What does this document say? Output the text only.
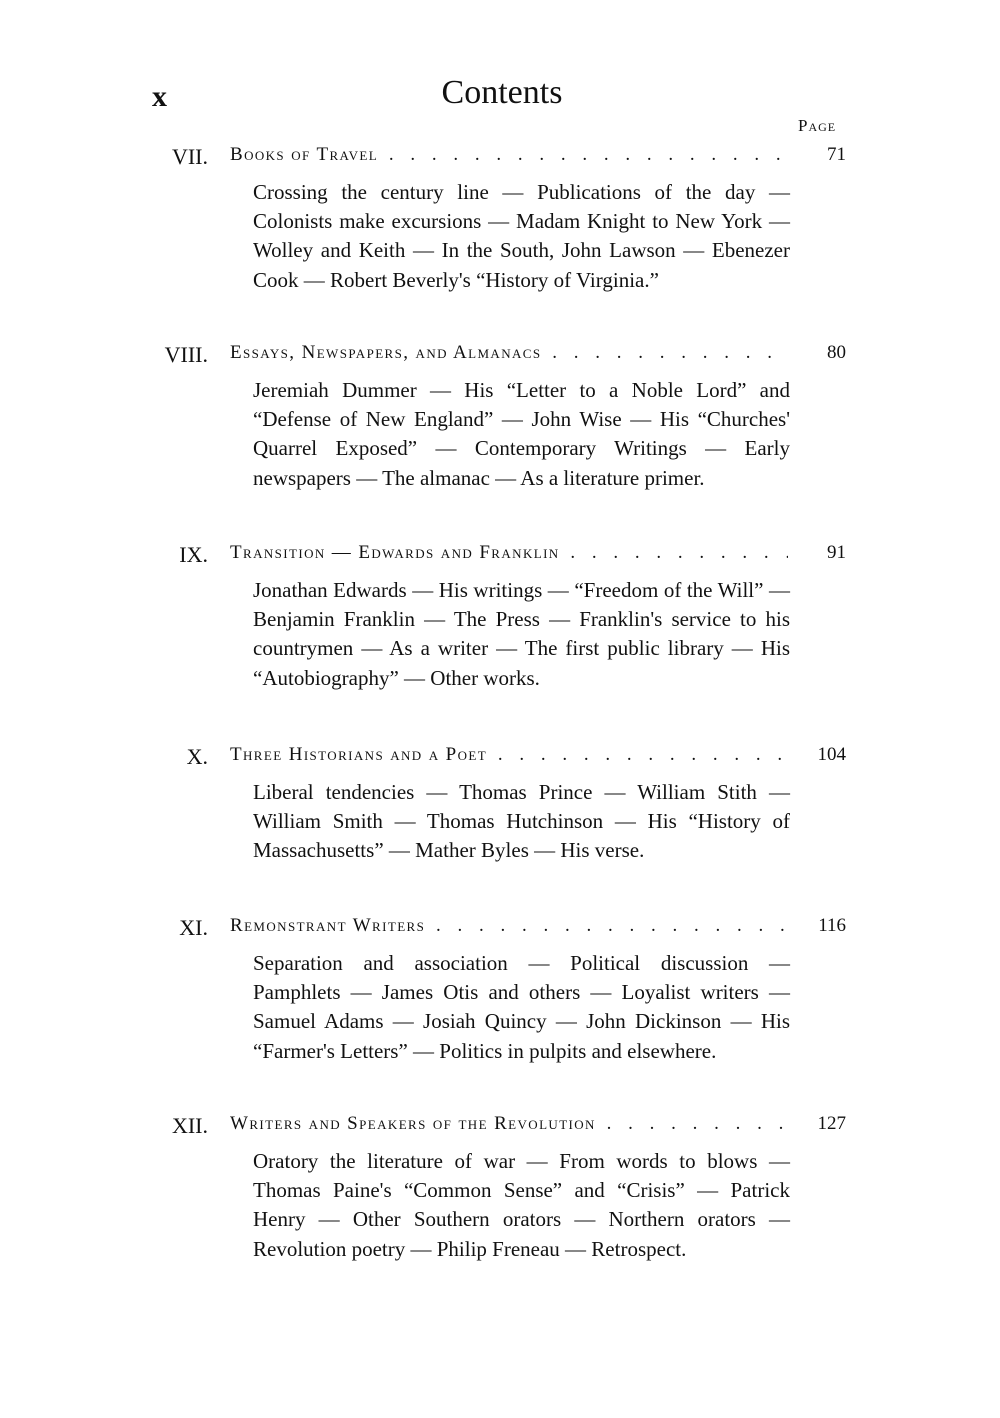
x	Contents
Page
VII. Books of Travel . . .	71

Crossing the century line — Publications of the day — Colonists make excursions — Madam Knight to New York — Wolley and Keith — In the South, John Lawson — Ebenezer Cook — Robert Beverly's “History of Virginia.”

VIII. Essays, Newspapers, and Almanacs . . .	80

Jeremiah Dummer — His “Letter to a Noble Lord” and “Defense of New England” — John Wise — His “Churches' Quarrel Exposed” — Contemporary Writings — Early newspapers — The almanac — As a literature primer.

IX. Transition — Edwards and Franklin . . .	91

Jonathan Edwards — His writings — “Freedom of the Will” — Benjamin Franklin — The Press — Franklin's service to his countrymen — As a writer — The first public library — His “Autobiography” — Other works.

X. Three Historians and a Poet . . .	104

Liberal tendencies — Thomas Prince — William Stith — William Smith — Thomas Hutchinson — His “History of Massachusetts” — Mather Byles — His verse.

XI. Remonstrant Writers . . .	116

Separation and association — Political discussion — Pamphlets — James Otis and others — Loyalist writers — Samuel Adams — Josiah Quincy — John Dickinson — His “Farmer's Letters” — Politics in pulpits and elsewhere.

XII. Writers and Speakers of the Revolution . . .	127

Oratory the literature of war — From words to blows — Thomas Paine's “Common Sense” and “Crisis” — Patrick Henry — Other Southern orators — Northern orators — Revolution poetry — Philip Freneau — Retrospect.
